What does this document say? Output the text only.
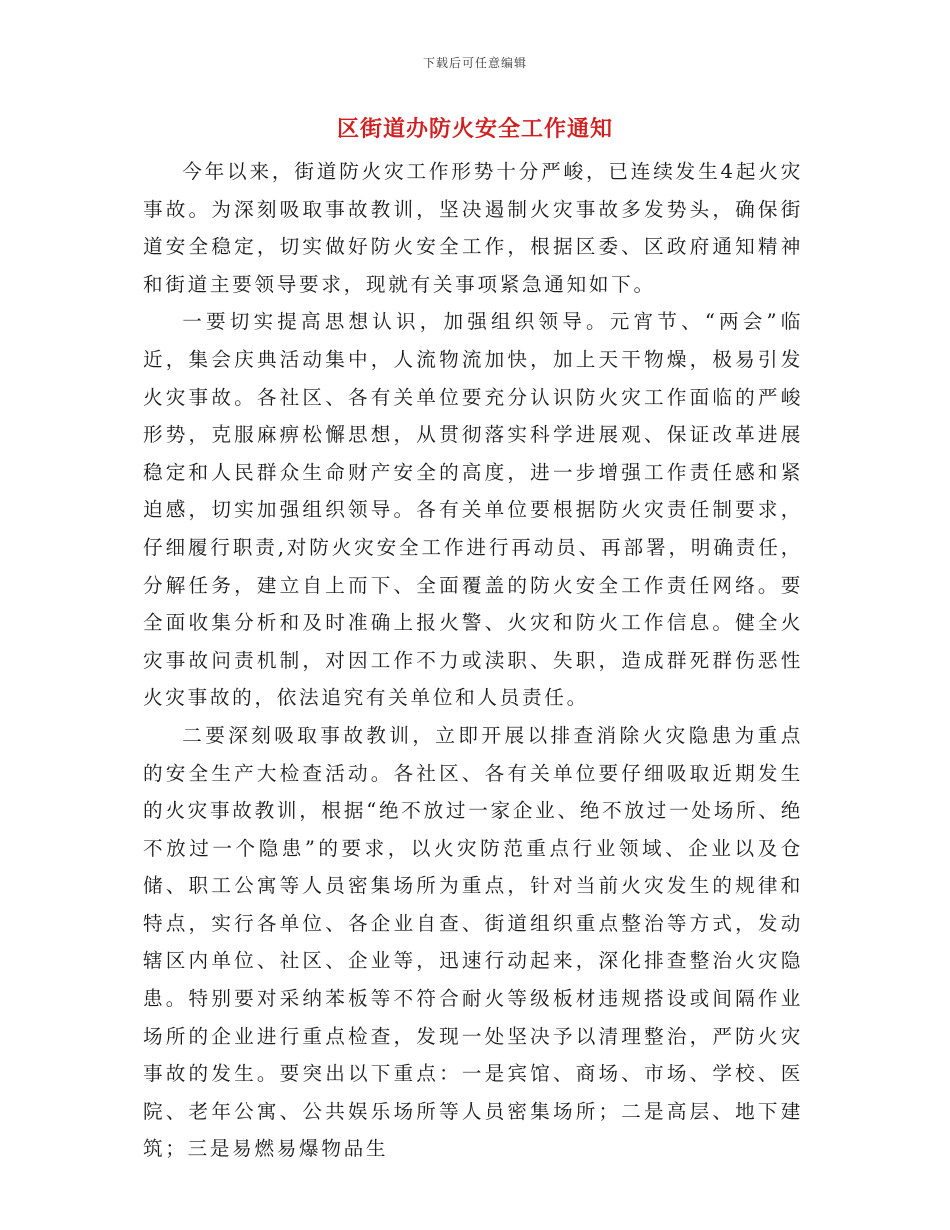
下载后可任意编辑
区街道办防火安全工作通知

今年以来，街道防火灾工作形势十分严峻，已连续发生4起火灾事故。为深刻吸取事故教训，坚决遏制火灾事故多发势头，确保街道安全稳定，切实做好防火安全工作，根据区委、区政府通知精神和街道主要领导要求，现就有关事项紧急通知如下。

一要切实提高思想认识，加强组织领导。元宵节、“两会”临近，集会庆典活动集中，人流物流加快，加上天干物燥，极易引发火灾事故。各社区、各有关单位要充分认识防火灾工作面临的严峻形势，克服麻痹松懈思想，从贯彻落实科学进展观、保证改革进展稳定和人民群众生命财产安全的高度，进一步增强工作责任感和紧迫感，切实加强组织领导。各有关单位要根据防火灾责任制要求，仔细履行职责,对防火灾安全工作进行再动员、再部署，明确责任，分解任务，建立自上而下、全面覆盖的防火安全工作责任网络。要全面收集分析和及时准确上报火警、火灾和防火工作信息。健全火灾事故问责机制，对因工作不力或渎职、失职，造成群死群伤恶性火灾事故的，依法追究有关单位和人员责任。

二要深刻吸取事故教训，立即开展以排查消除火灾隐患为重点的安全生产大检查活动。各社区、各有关单位要仔细吸取近期发生的火灾事故教训，根据“绝不放过一家企业、绝不放过一处场所、绝不放过一个隐患”的要求，以火灾防范重点行业领域、企业以及仓储、职工公寓等人员密集场所为重点，针对当前火灾发生的规律和特点，实行各单位、各企业自查、街道组织重点整治等方式，发动辖区内单位、社区、企业等，迅速行动起来，深化排查整治火灾隐患。特别要对采纳苯板等不符合耐火等级板材违规搭设或间隔作业场所的企业进行重点检查，发现一处坚决予以清理整治，严防火灾事故的发生。要突出以下重点：一是宾馆、商场、市场、学校、医院、老年公寓、公共娱乐场所等人员密集场所；二是高层、地下建筑；三是易燃易爆物品生
